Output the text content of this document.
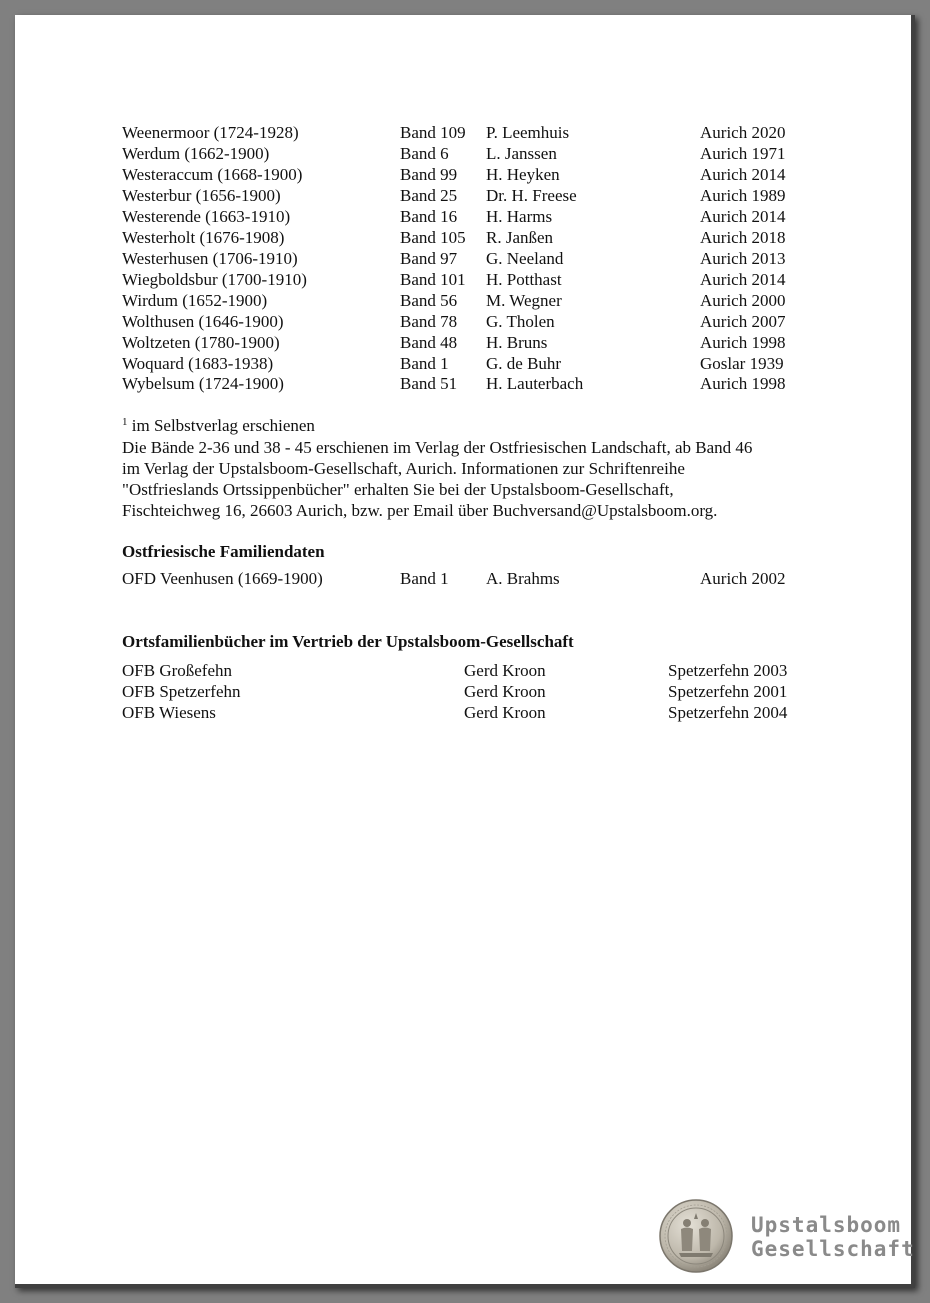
Weenermoor (1724-1928)	Band 109 P. Leemhuis	Aurich 2020
Werdum (1662-1900)	Band 6 L. Janssen	Aurich 1971
Westeraccum (1668-1900)	Band 99 H. Heyken	Aurich 2014
Westerbur (1656-1900)	Band 25 Dr. H. Freese	Aurich 1989
Westerende (1663-1910)	Band 16 H. Harms	Aurich 2014
Westerholt (1676-1908)	Band 105 R. Janßen	Aurich 2018
Westerhusen (1706-1910)	Band 97 G. Neeland	Aurich 2013
Wiegboldsbur (1700-1910)	Band 101 H. Potthast	Aurich 2014
Wirdum (1652-1900)	Band 56 M. Wegner	Aurich 2000
Wolthusen (1646-1900)	Band 78 G. Tholen	Aurich 2007
Woltzeten (1780-1900)	Band 48 H. Bruns	Aurich 1998
Woquard (1683-1938)	Band 1 G. de Buhr	Goslar 1939
Wybelsum (1724-1900)	Band 51 H. Lauterbach	Aurich 1998

$^1$ im Selbstverlag erschienen

Die Bände 2-36 und 38 - 45 erschienen im Verlag der Ostfriesischen Landschaft, ab Band 46
im Verlag der Upstalsboom-Gesellschaft, Aurich. Informationen zur Schriftenreihe
"Ostfrieslands Ortssippenbücher" erhalten Sie bei der Upstalsboom-Gesellschaft,
Fischteichweg 16, 26603 Aurich, bzw. per Email über Buchversand@Upstalsboom.org.

Ostfriesische Familiendaten
OFD Veenhusen (1669-1900)	Band 1 A. Brahms	Aurich 2002
Ortsfamilienbücher im Vertrieb der Upstalsboom-Gesellschaft
OFB Großefehn	Gerd Kroon	Spetzerfehn 2003
OFB Spetzerfehn	Gerd Kroon	Spetzerfehn 2001
OFB Wiesens	Gerd Kroon	Spetzerfehn 2004
Upstalsboom
Gesellschaft
